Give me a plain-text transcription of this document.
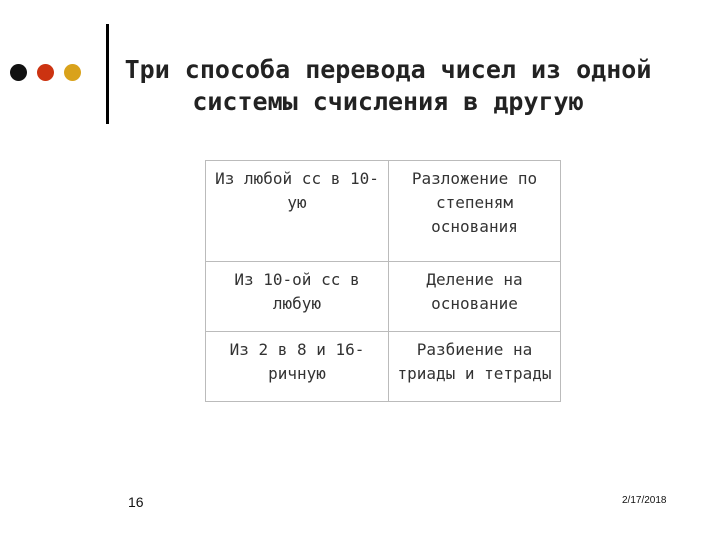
Три способа перевода чисел из одной системы счисления в другую
Из любой сс в 10-ую	Разложение по степеням основания
Из 10-ой сс в любую	Деление на основание
Из 2 в 8 и 16-ричную	Разбиение на триады и тетрады
16	2/17/2018
